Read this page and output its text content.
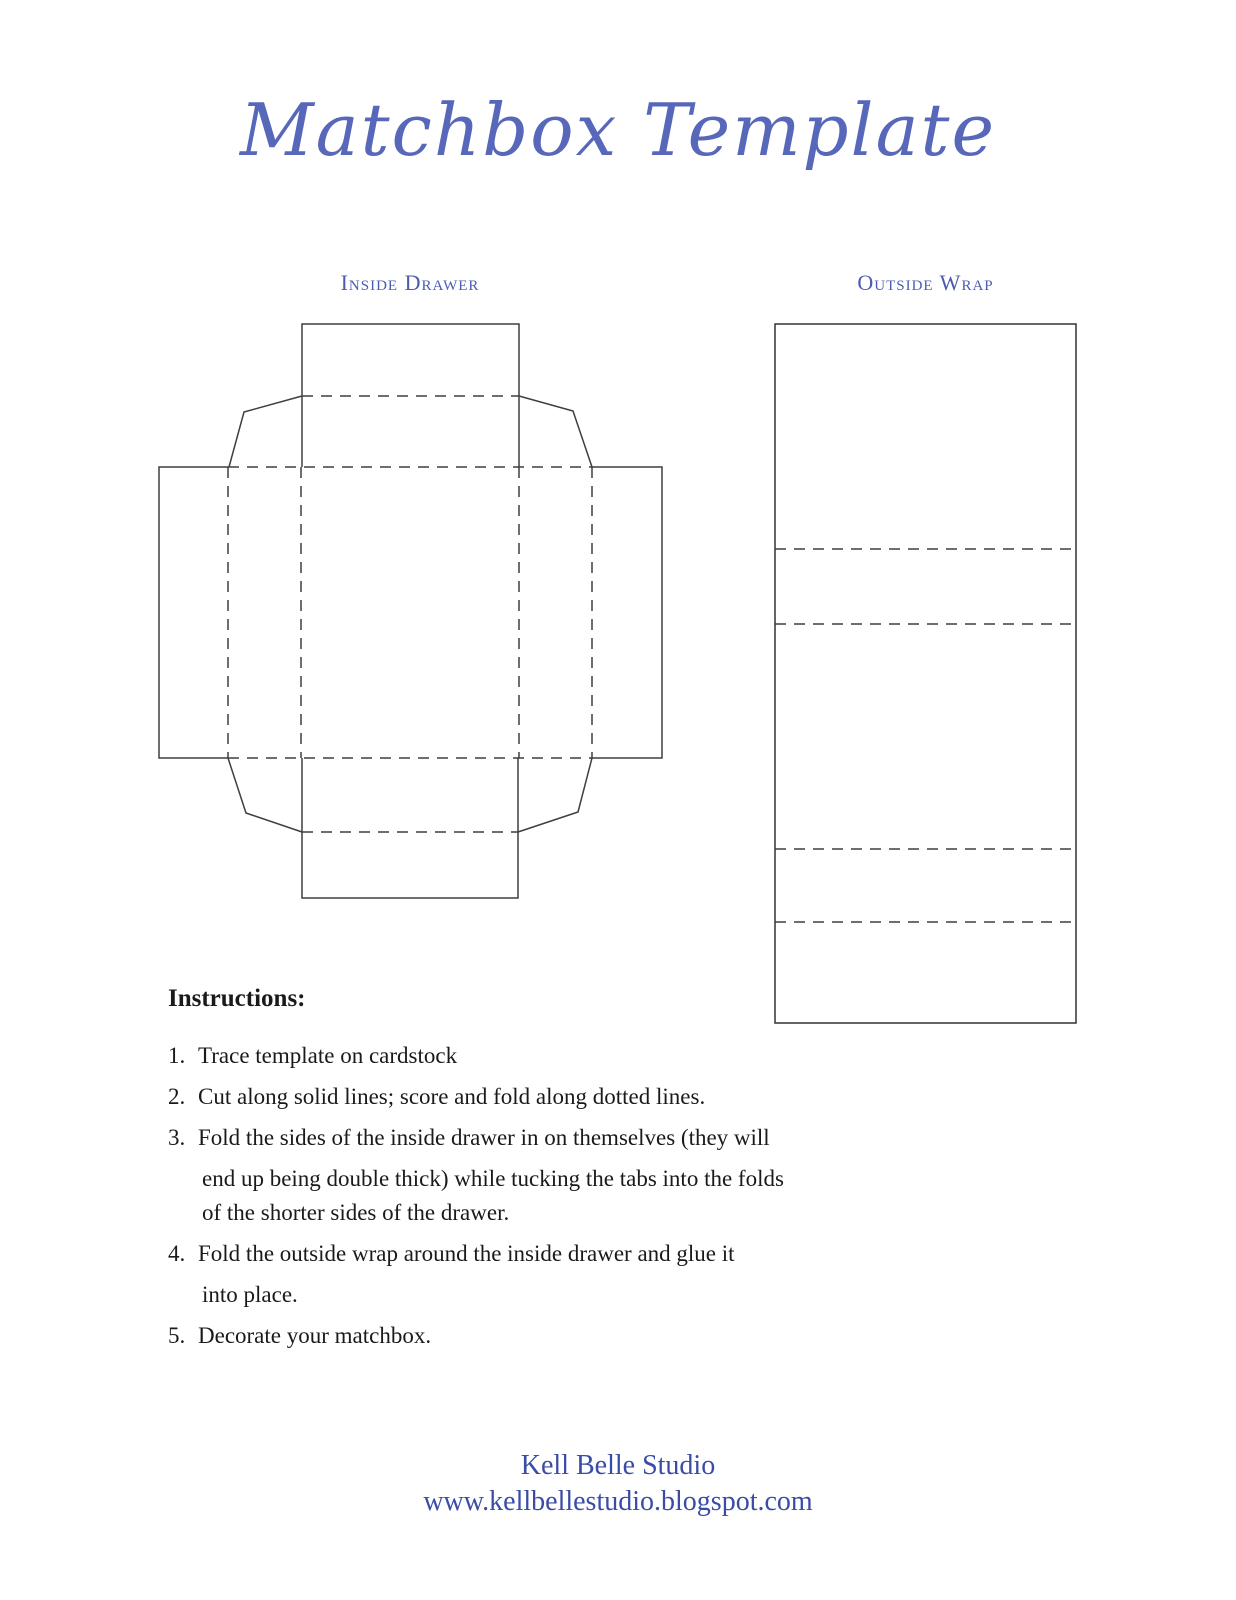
Matchbox Template
Inside Drawer	Outside Wrap
Instructions:
1. Trace template on cardstock
2. Cut along solid lines; score and fold along dotted lines.
3. Fold the sides of the inside drawer in on themselves (they will
end up being double thick) while tucking the tabs into the folds
of the shorter sides of the drawer.
4. Fold the outside wrap around the inside drawer and glue it
into place.
5. Decorate your matchbox.
Kell Belle Studio
www.kellbellestudio.blogspot.com
